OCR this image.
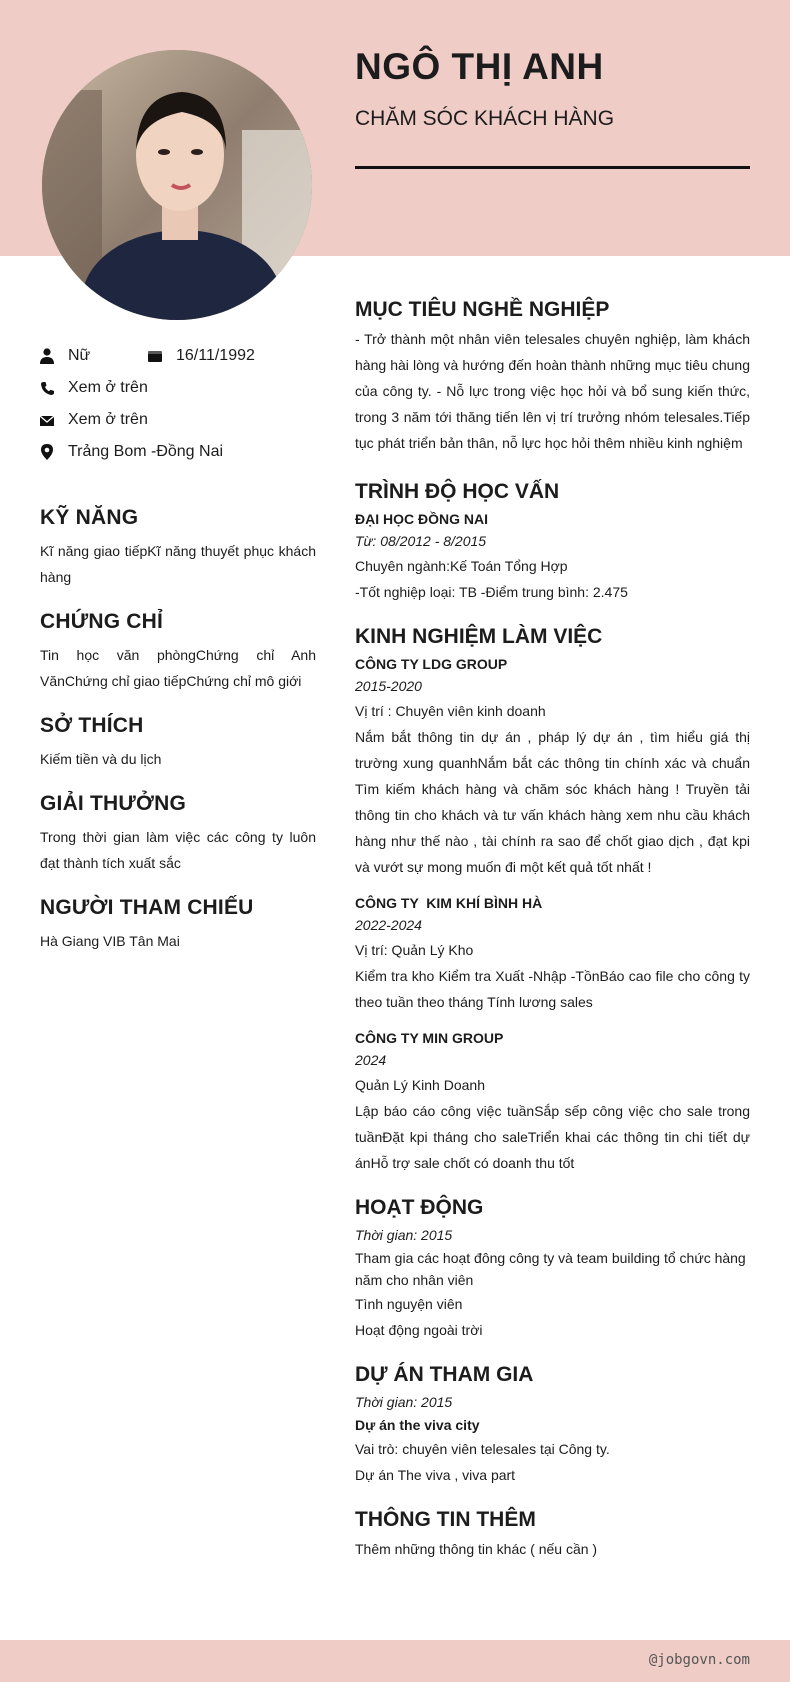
NGÔ THỊ ANH
CHĂM SÓC KHÁCH HÀNG
Nữ	16/11/1992
Xem ở trên
Xem ở trên
Trảng Bom -Đồng Nai
KỸ NĂNG

Kĩ năng giao tiếpKĩ năng thuyết phục khách hàng

CHỨNG CHỈ

Tin học văn phòngChứng chỉ Anh VănChứng chỉ giao tiếpChứng chỉ mô giới

SỞ THÍCH

Kiếm tiền và du lịch

GIẢI THƯỞNG

Trong thời gian làm việc các công ty luôn đạt thành tích xuất sắc

NGƯỜI THAM CHIẾU

Hà Giang VIB Tân Mai

MỤC TIÊU NGHỀ NGHIỆP

- Trở thành một nhân viên telesales chuyên nghiệp, làm khách hàng hài lòng và hướng đến hoàn thành những mục tiêu chung của công ty. - Nỗ lực trong việc học hỏi và bổ sung kiến thức, trong 3 năm tới thăng tiến lên vị trí trưởng nhóm telesales.Tiếp tục phát triển bản thân, nỗ lực học hỏi thêm nhiều kinh nghiệm

TRÌNH ĐỘ HỌC VẤN

ĐẠI HỌC ĐỒNG NAI

Từ: 08/2012 - 8/2015

Chuyên ngành:Kế Toán Tổng Hợp

-Tốt nghiệp loại: TB -Điểm trung bình: 2.475

KINH NGHIỆM LÀM VIỆC

CÔNG TY LDG GROUP

2015-2020

Vị trí : Chuyên viên kinh doanh

Nắm bắt thông tin dự án , pháp lý dự án , tìm hiểu giá thị trường xung quanhNắm bắt các thông tin chính xác và chuẩn Tìm kiếm khách hàng và chăm sóc khách hàng ! Truyền tải thông tin cho khách và tư vấn khách hàng xem nhu cầu khách hàng như thế nào , tài chính ra sao để chốt giao dịch , đạt kpi và vướt sự mong muốn đi một kết quả tốt nhất !

CÔNG TY  KIM KHÍ BÌNH HÀ

2022-2024

Vị trí: Quản Lý Kho

Kiểm tra kho Kiểm tra Xuất -Nhập -TồnBáo cao file cho công ty theo tuần theo tháng Tính lương sales

CÔNG TY MIN GROUP

2024

Quản Lý Kinh Doanh

Lập báo cáo công việc tuầnSắp sếp công việc cho sale trong tuầnĐặt kpi tháng cho saleTriển khai các thông tin chi tiết dự ánHỗ trợ sale chốt có doanh thu tốt

HOẠT ĐỘNG

Thời gian: 2015

Tham gia các hoạt đông công ty và team building tổ chức hàng năm cho nhân viên

Tình nguyện viên

Hoạt động ngoài trời

DỰ ÁN THAM GIA

Thời gian: 2015

Dự án the viva city

Vai trò: chuyên viên telesales tại Công ty.

Dự án The viva , viva part

THÔNG TIN THÊM

Thêm những thông tin khác ( nếu cần )

@jobgovn.com
